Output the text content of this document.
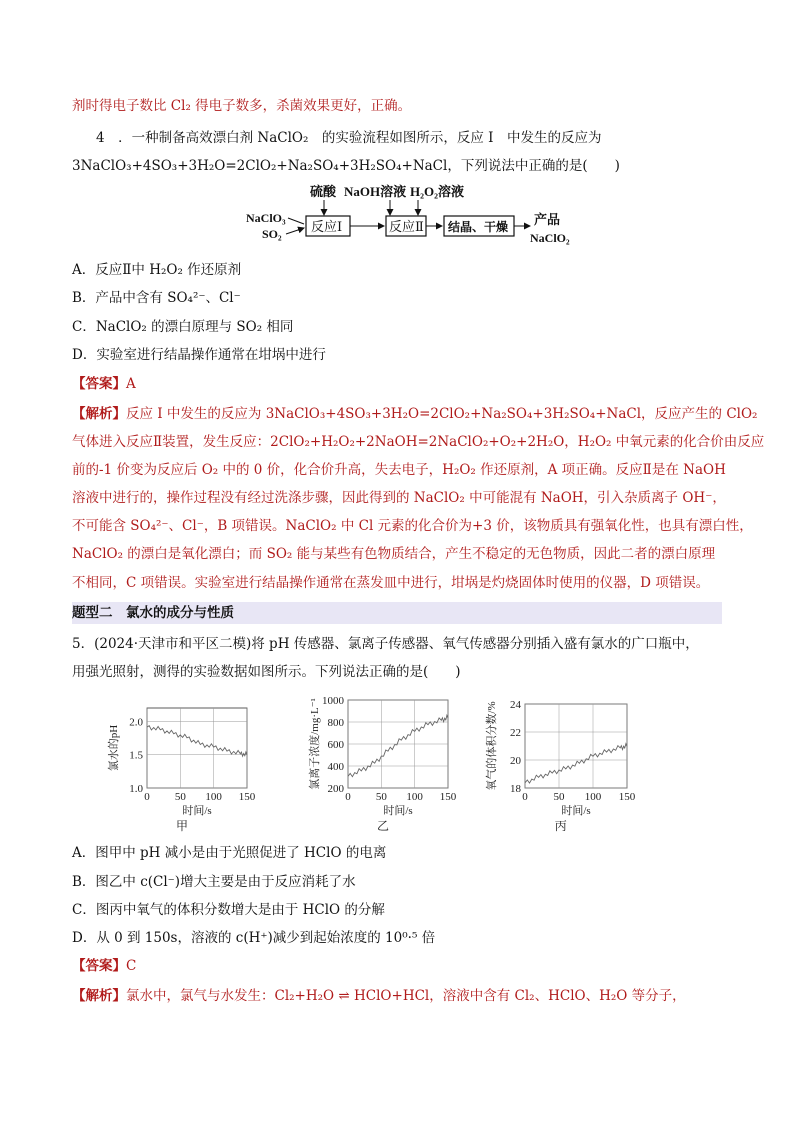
剂时得电子数比 Cl₂ 得电子数多，杀菌效果更好，正确。
4　．一种制备高效漂白剂 NaClO₂　的实验流程如图所示，反应 I　中发生的反应为
3NaClO₃+4SO₃+3H₂O=2ClO₂+Na₂SO₄+3H₂SO₄+NaCl，下列说法中正确的是(　　)
硫酸 NaOH溶液 H₂O₂溶液
NaClO₃
SO₂ 反应Ⅰ	反应Ⅱ 结晶、干燥 产品
NaClO₂
A．反应Ⅱ中 H₂O₂ 作还原剂
B．产品中含有 SO₄²⁻、Cl⁻
C．NaClO₂ 的漂白原理与 SO₂ 相同
D．实验室进行结晶操作通常在坩埚中进行
【答案】A
【解析】反应 I 中发生的反应为 3NaClO₃+4SO₃+3H₂O=2ClO₂+Na₂SO₄+3H₂SO₄+NaCl，反应产生的 ClO₂
气体进入反应Ⅱ装置，发生反应：2ClO₂+H₂O₂+2NaOH=2NaClO₂+O₂+2H₂O，H₂O₂ 中氧元素的化合价由反应
前的-1 价变为反应后 O₂ 中的 0 价，化合价升高，失去电子，H₂O₂ 作还原剂，A 项正确。反应Ⅱ是在 NaOH
溶液中进行的，操作过程没有经过洗涤步骤，因此得到的 NaClO₂ 中可能混有 NaOH，引入杂质离子 OH⁻，
不可能含 SO₄²⁻、Cl⁻，B 项错误。NaClO₂ 中 Cl 元素的化合价为+3 价，该物质具有强氧化性，也具有漂白性，
NaClO₂ 的漂白是氧化漂白；而 SO₂ 能与某些有色物质结合，产生不稳定的无色物质，因此二者的漂白原理
不相同，C 项错误。实验室进行结晶操作通常在蒸发皿中进行，坩埚是灼烧固体时使用的仪器，D 项错误。
题型二　氯水的成分与性质
5．(2024·天津市和平区二模)将 pH 传感器、氯离子传感器、氧气传感器分别插入盛有氯水的广口瓶中，
用强光照射，测得的实验数据如图所示。下列说法正确的是(　　)
0 50 100 150
1.0
1.5
2.0
氯水的pH
时间/s
甲
0 50 100 150
200
400
600
800
1000
氯离子浓度/mg·L⁻¹
时间/s
乙
0 50 100 150
18
20
22
24
氧气的体积分数/%
时间/s
丙
A．图甲中 pH 减小是由于光照促进了 HClO 的电离
B．图乙中 c(Cl⁻)增大主要是由于反应消耗了水
C．图丙中氧气的体积分数增大是由于 HClO 的分解
D．从 0 到 150s，溶液的 c(H⁺)减少到起始浓度的 10⁰·⁵ 倍
【答案】C
【解析】氯水中，氯气与水发生：Cl₂+H₂O ⇌ HClO+HCl，溶液中含有 Cl₂、HClO、H₂O 等分子，
